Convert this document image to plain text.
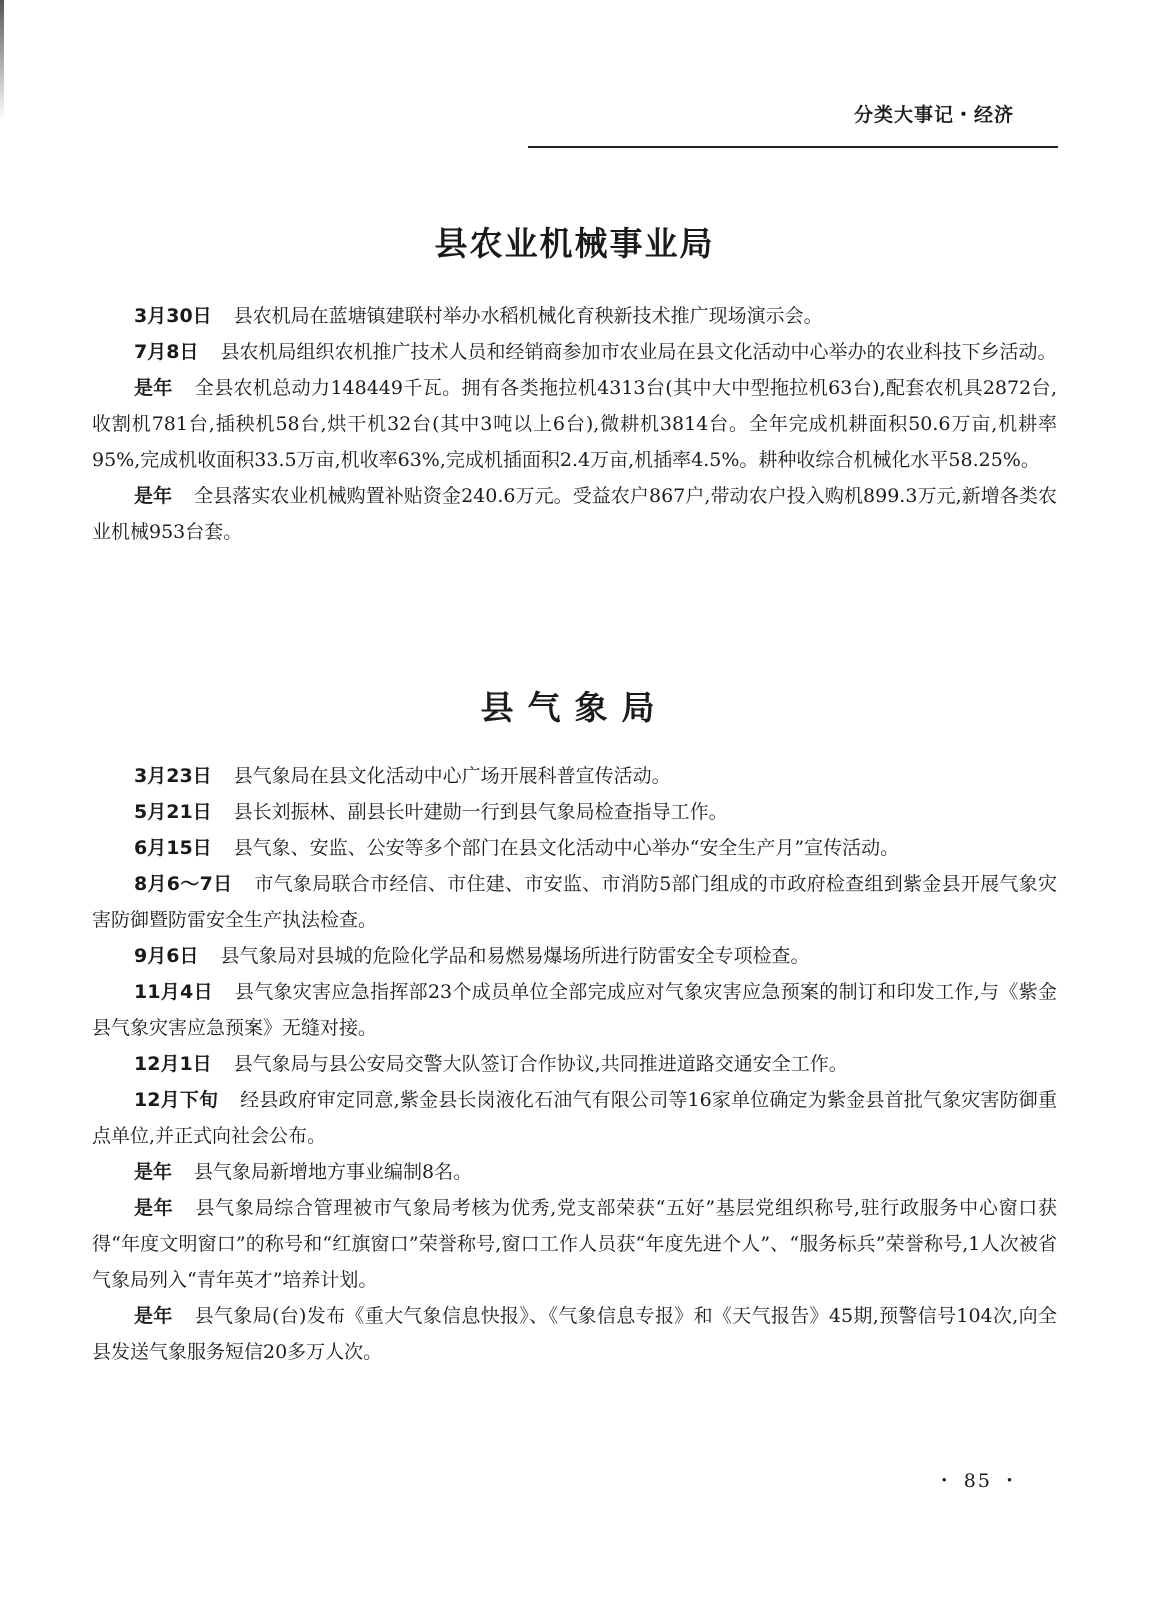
分类大事记・经济
县农业机械事业局

3月30日 县农机局在蓝塘镇建联村举办水稻机械化育秧新技术推广现场演示会。

7月8日 县农机局组织农机推广技术人员和经销商参加市农业局在县文化活动中心举办的农业科技下乡活动。

是年 全县农机总动力148449千瓦。拥有各类拖拉机4313台(其中大中型拖拉机63台),配套农机具2872台,收割机781台,插秧机58台,烘干机32台(其中3吨以上6台),微耕机3814台。全年完成机耕面积50.6万亩,机耕率95%,完成机收面积33.5万亩,机收率63%,完成机插面积2.4万亩,机插率4.5%。耕种收综合机械化水平58.25%。

是年 全县落实农业机械购置补贴资金240.6万元。受益农户867户,带动农户投入购机899.3万元,新增各类农业机械953台套。

县气象局

3月23日 县气象局在县文化活动中心广场开展科普宣传活动。

5月21日 县长刘振林、副县长叶建勋一行到县气象局检查指导工作。

6月15日 县气象、安监、公安等多个部门在县文化活动中心举办“安全生产月”宣传活动。

8月6～7日 市气象局联合市经信、市住建、市安监、市消防5部门组成的市政府检查组到紫金县开展气象灾害防御暨防雷安全生产执法检查。

9月6日 县气象局对县城的危险化学品和易燃易爆场所进行防雷安全专项检查。

11月4日 县气象灾害应急指挥部23个成员单位全部完成应对气象灾害应急预案的制订和印发工作,与《紫金县气象灾害应急预案》无缝对接。

12月1日 县气象局与县公安局交警大队签订合作协议,共同推进道路交通安全工作。

12月下旬 经县政府审定同意,紫金县长岗液化石油气有限公司等16家单位确定为紫金县首批气象灾害防御重点单位,并正式向社会公布。

是年 县气象局新增地方事业编制8名。

是年 县气象局综合管理被市气象局考核为优秀,党支部荣获“五好”基层党组织称号,驻行政服务中心窗口获得“年度文明窗口”的称号和“红旗窗口”荣誉称号,窗口工作人员获“年度先进个人”、“服务标兵”荣誉称号,1人次被省气象局列入“青年英才”培养计划。

是年 县气象局(台)发布《重大气象信息快报》、《气象信息专报》和《天气报告》45期,预警信号104次,向全县发送气象服务短信20多万人次。

・ 85 ・
